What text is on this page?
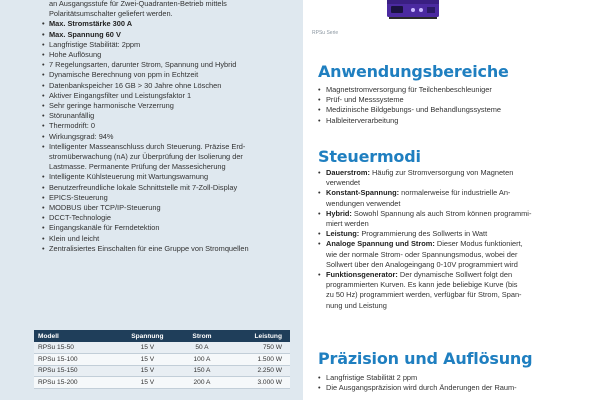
an Ausgangsstufe für Zwei-Quadranten-Betrieb mittels
Polaritätsumschalter geliefert werden.
• Max. Stromstärke 300 A
• Max. Spannung 60 V
• Langfristige Stabilität: 2ppm
• Hohe Auflösung
• 7 Regelungsarten, darunter Strom, Spannung und Hybrid
• Dynamische Berechnung von ppm in Echtzeit
• Datenbankspeicher 16 GB > 30 Jahre ohne Löschen
• Aktiver Eingangsfilter und Leistungsfaktor 1
• Sehr geringe harmonische Verzerrung
• Störunanfällig
• Thermodrift: 0
• Wirkungsgrad: 94%
• Intelligenter Masseanschluss durch Steuerung. Präzise Erd-
stromüberwachung (nA) zur Überprüfung der Isolierung der
Lastmasse. Permanente Prüfung der Massesicherung
• Intelligente Kühlsteuerung mit Wartungswarnung
• Benutzerfreundliche lokale Schnittstelle mit 7-Zoll-Display
• EPICS-Steuerung
• MODBUS über TCP/IP-Steuerung
• DCCT-Technologie
• Eingangskanäle für Ferndetektion
• Klein und leicht
• Zentralisiertes Einschalten für eine Gruppe von Stromquellen
Modell	Spannung	Strom	Leistung
RPSu 15-50	15 V	50 A	750 W
RPSu 15-100	15 V	100 A	1.500 W
RPSu 15-150	15 V	150 A	2.250 W
RPSu 15-200	15 V	200 A	3.000 W
RPSu Serie
Anwendungsbereiche
• Magnetstromversorgung für Teilchenbeschleuniger
• Prüf- und Messsysteme
• Medizinische Bildgebungs- und Behandlungssysteme
• Halbleiterverarbeitung
Steuermodi
• Dauerstrom: Häufig zur Stromversorgung von Magneten
verwendet
• Konstant-Spannung: normalerweise für industrielle An-
wendungen verwendet
• Hybrid: Sowohl Spannung als auch Strom können programmi-
miert werden
• Leistung: Programmierung des Sollwerts in Watt
• Analoge Spannung und Strom: Dieser Modus funktioniert,
wie der normale Strom- oder Spannungsmodus, wobei der
Sollwert über den Analogeingang 0-10V programmiert wird
• Funktionsgenerator: Der dynamische Sollwert folgt den
programmierten Kurven. Es kann jede beliebige Kurve (bis
zu 50 Hz) programmiert werden, verfügbar für Strom, Span-
nung und Leistung
Präzision und Auflösung
• Langfristige Stabilität 2 ppm
• Die Ausgangspräzision wird durch Änderungen der Raum-
